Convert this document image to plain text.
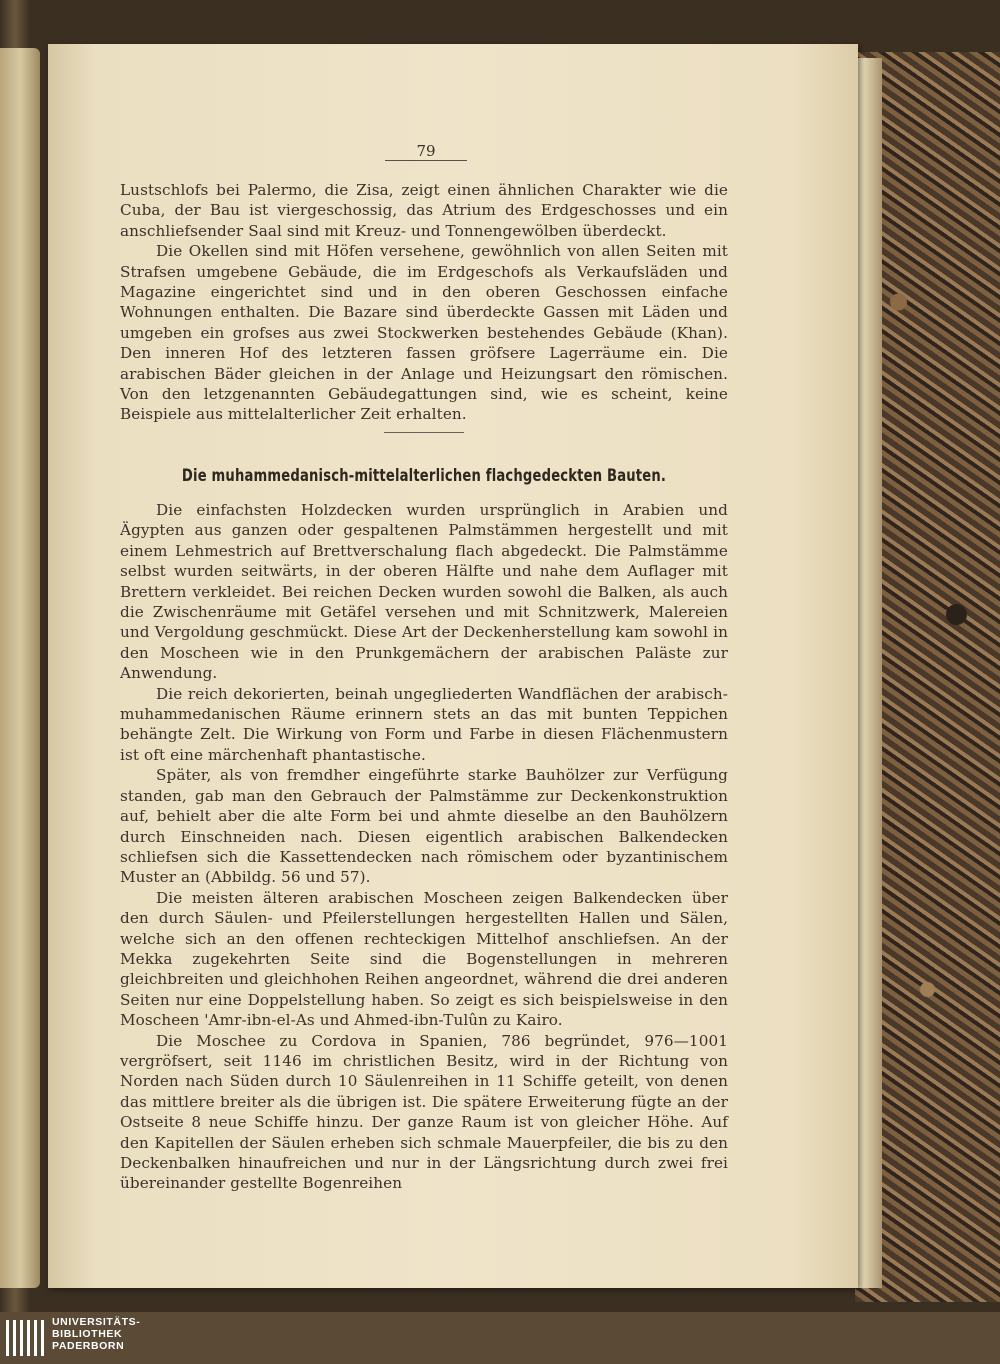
79

Lustschlofs bei Palermo, die Zisa, zeigt einen ähnlichen Charakter wie die Cuba, der Bau ist viergeschossig, das Atrium des Erdgeschosses und ein anschliefsender Saal sind mit Kreuz- und Tonnengewölben überdeckt.

Die Okellen sind mit Höfen versehene, gewöhnlich von allen Seiten mit Strafsen umgebene Gebäude, die im Erdgeschofs als Verkaufsläden und Magazine eingerichtet sind und in den oberen Geschossen einfache Wohnungen enthalten. Die Bazare sind überdeckte Gassen mit Läden und umgeben ein grofses aus zwei Stockwerken bestehendes Gebäude (Khan). Den inneren Hof des letzteren fassen gröfsere Lagerräume ein. Die arabischen Bäder gleichen in der Anlage und Heizungsart den römischen. Von den letzgenannten Gebäudegattungen sind, wie es scheint, keine Beispiele aus mittelalterlicher Zeit erhalten.

Die muhammedanisch-mittelalterlichen flachgedeckten Bauten.

Die einfachsten Holzdecken wurden ursprünglich in Arabien und Ägypten aus ganzen oder gespaltenen Palmstämmen hergestellt und mit einem Lehmestrich auf Brettverschalung flach abgedeckt. Die Palmstämme selbst wurden seitwärts, in der oberen Hälfte und nahe dem Auflager mit Brettern verkleidet. Bei reichen Decken wurden sowohl die Balken, als auch die Zwischenräume mit Getäfel versehen und mit Schnitzwerk, Malereien und Vergoldung geschmückt. Diese Art der Deckenherstellung kam sowohl in den Moscheen wie in den Prunkgemächern der arabischen Paläste zur Anwendung.

Die reich dekorierten, beinah ungegliederten Wandflächen der arabisch-muhammedanischen Räume erinnern stets an das mit bunten Teppichen behängte Zelt. Die Wirkung von Form und Farbe in diesen Flächenmustern ist oft eine märchenhaft phantastische.

Später, als von fremdher eingeführte starke Bauhölzer zur Verfügung standen, gab man den Gebrauch der Palmstämme zur Deckenkonstruktion auf, behielt aber die alte Form bei und ahmte dieselbe an den Bauhölzern durch Einschneiden nach. Diesen eigentlich arabischen Balkendecken schliefsen sich die Kassettendecken nach römischem oder byzantinischem Muster an (Abbildg. 56 und 57).

Die meisten älteren arabischen Moscheen zeigen Balkendecken über den durch Säulen- und Pfeilerstellungen hergestellten Hallen und Sälen, welche sich an den offenen rechteckigen Mittelhof anschliefsen. An der Mekka zugekehrten Seite sind die Bogenstellungen in mehreren gleichbreiten und gleichhohen Reihen angeordnet, während die drei anderen Seiten nur eine Doppelstellung haben. So zeigt es sich beispielsweise in den Moscheen 'Amr-ibn-el-As und Ahmed-ibn-Tulûn zu Kairo.

Die Moschee zu Cordova in Spanien, 786 begründet, 976—1001 vergröfsert, seit 1146 im christlichen Besitz, wird in der Richtung von Norden nach Süden durch 10 Säulenreihen in 11 Schiffe geteilt, von denen das mittlere breiter als die übrigen ist. Die spätere Erweiterung fügte an der Ostseite 8 neue Schiffe hinzu. Der ganze Raum ist von gleicher Höhe. Auf den Kapitellen der Säulen erheben sich schmale Mauerpfeiler, die bis zu den Deckenbalken hinaufreichen und nur in der Längsrichtung durch zwei frei übereinander gestellte Bogenreihen

UNIVERSITÄTS-
BIBLIOTHEK
PADERBORN
